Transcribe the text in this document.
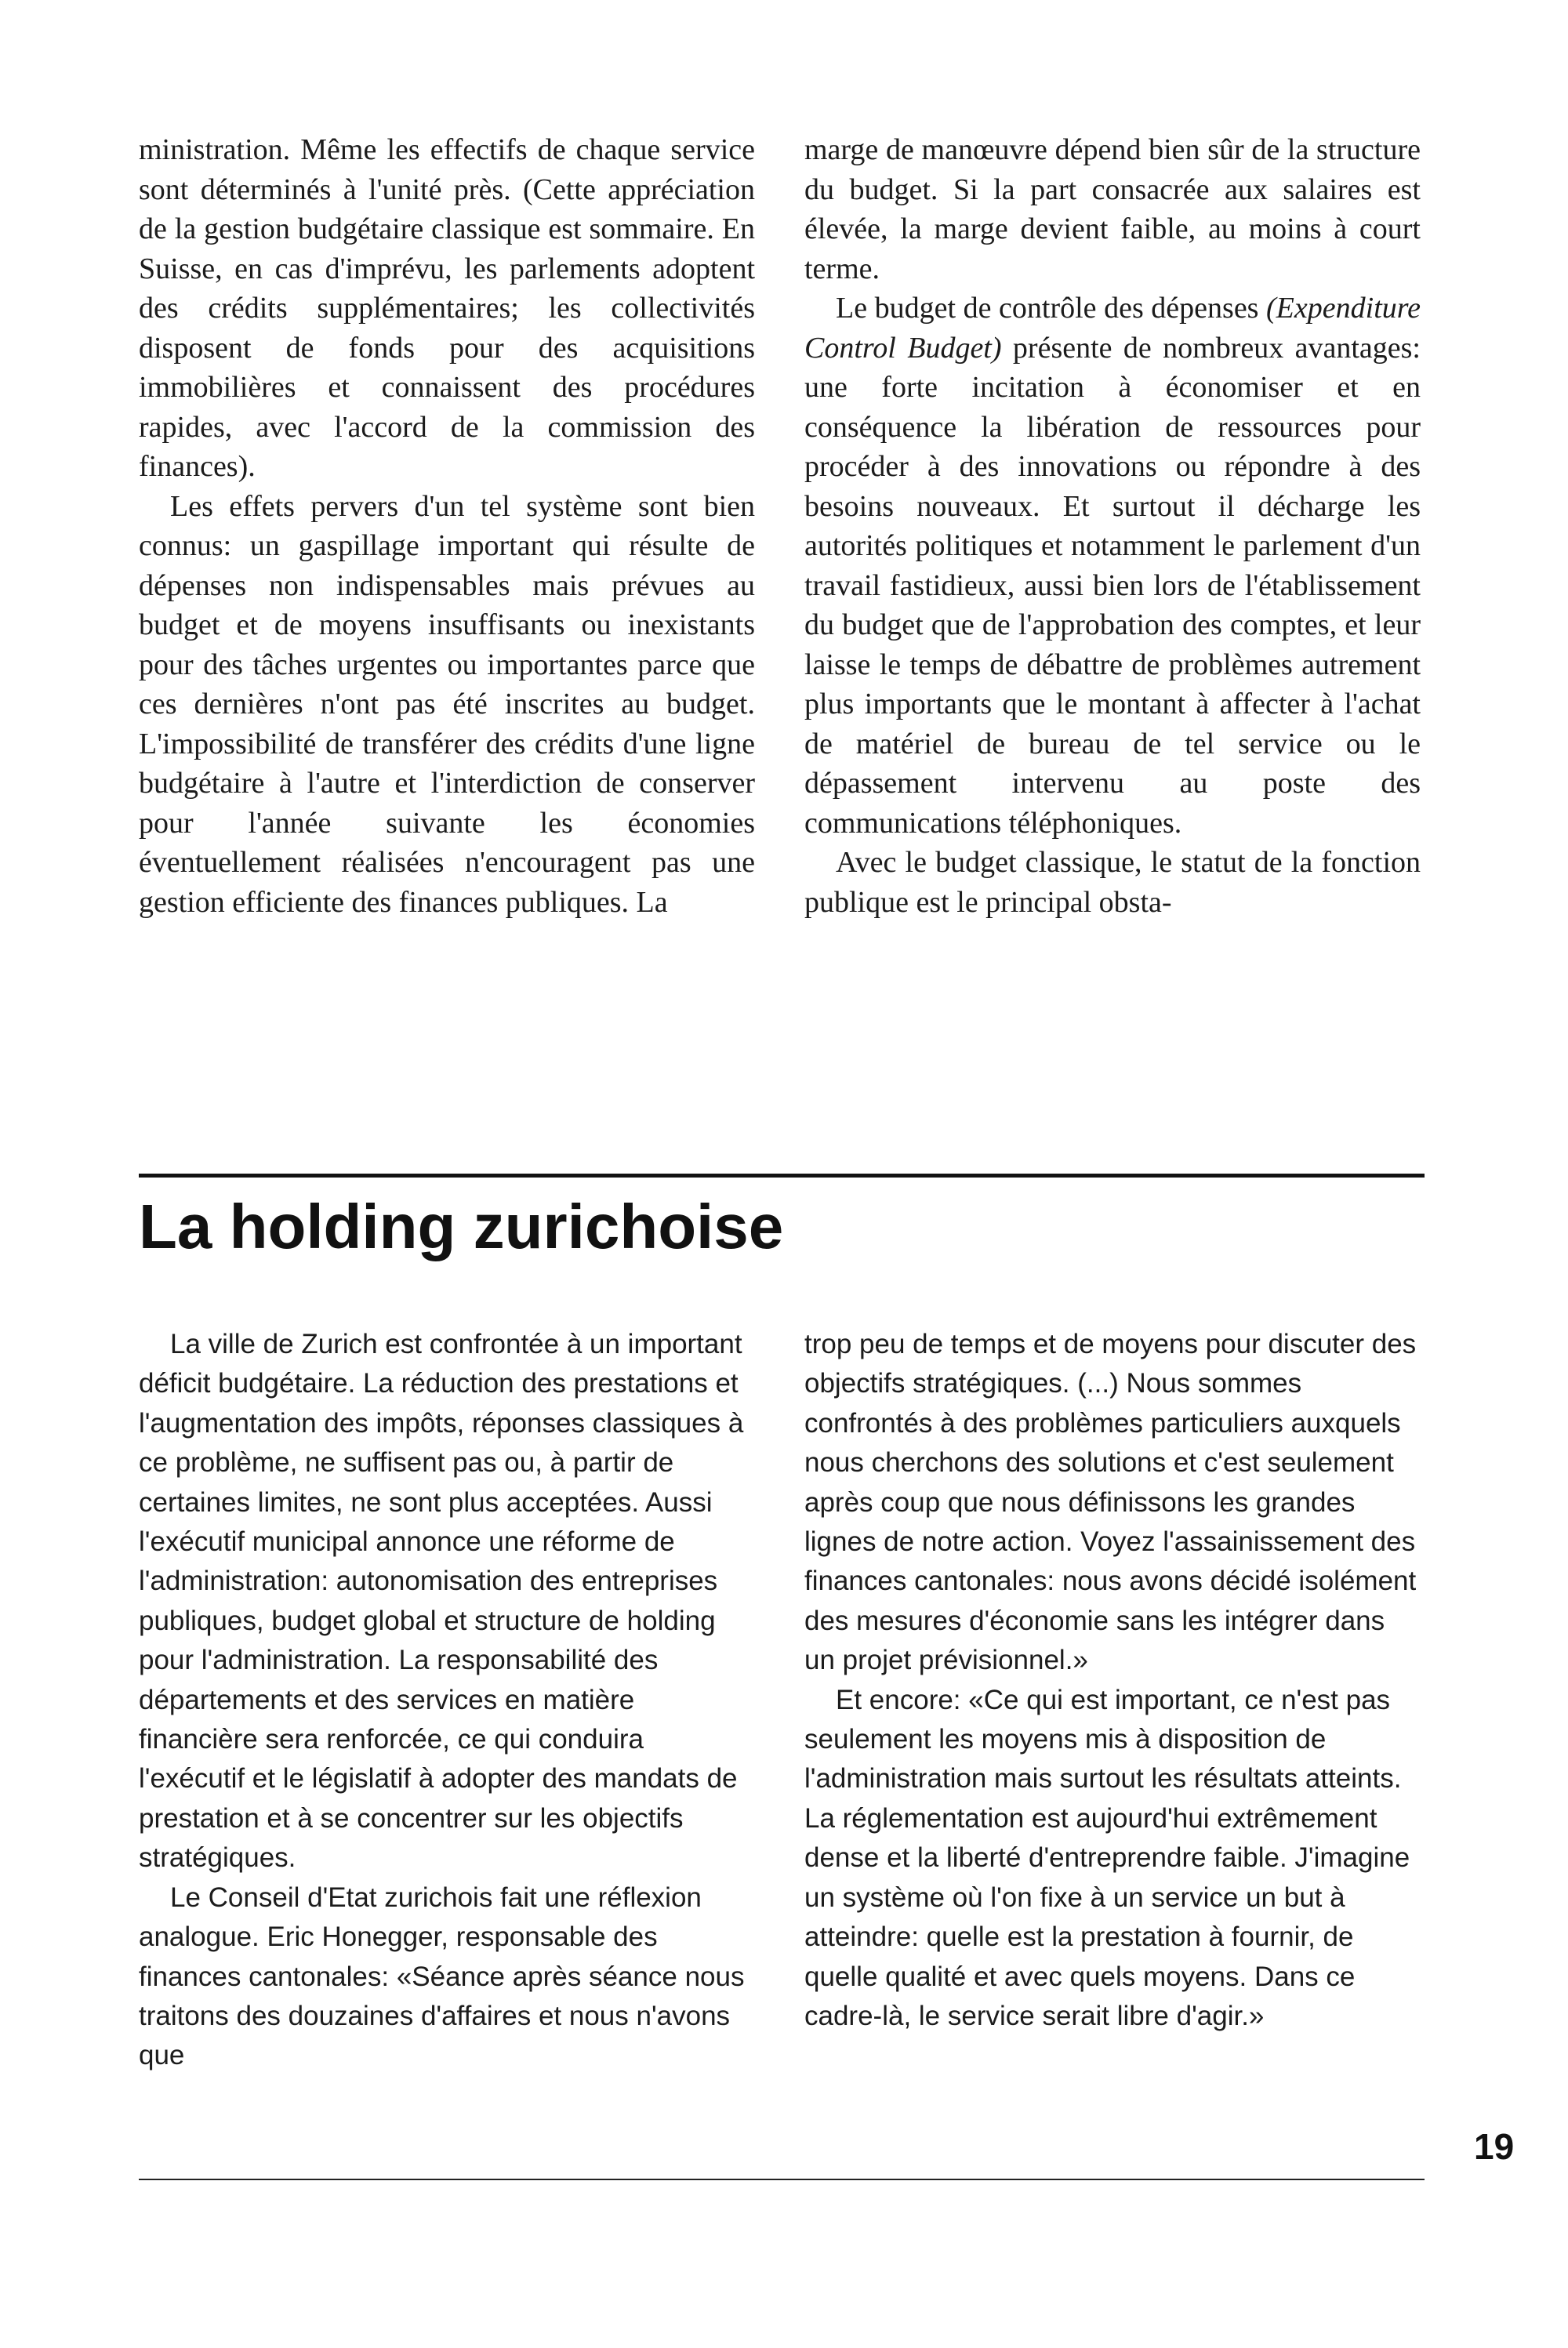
ministration. Même les effectifs de chaque service sont déterminés à l'unité près. (Cette appréciation de la gestion budgétaire classique est sommaire. En Suisse, en cas d'imprévu, les parlements adoptent des crédits supplémentaires; les collectivités disposent de fonds pour des acquisitions immobilières et connaissent des procédures rapides, avec l'accord de la commission des finances).

Les effets pervers d'un tel système sont bien connus: un gaspillage important qui résulte de dépenses non indispensables mais prévues au budget et de moyens insuffisants ou inexistants pour des tâches urgentes ou importantes parce que ces dernières n'ont pas été inscrites au budget. L'impossibilité de transférer des crédits d'une ligne budgétaire à l'autre et l'interdiction de conserver pour l'année suivante les économies éventuellement réalisées n'encouragent pas une gestion efficiente des finances publiques. La

marge de manœuvre dépend bien sûr de la structure du budget. Si la part consacrée aux salaires est élevée, la marge devient faible, au moins à court terme.

Le budget de contrôle des dépenses (Expenditure Control Budget) présente de nombreux avantages: une forte incitation à économiser et en conséquence la libération de ressources pour procéder à des innovations ou répondre à des besoins nouveaux. Et surtout il décharge les autorités politiques et notamment le parlement d'un travail fastidieux, aussi bien lors de l'établissement du budget que de l'approbation des comptes, et leur laisse le temps de débattre de problèmes autrement plus importants que le montant à affecter à l'achat de matériel de bureau de tel service ou le dépassement intervenu au poste des communications téléphoniques.

Avec le budget classique, le statut de la fonction publique est le principal obsta-

La holding zurichoise

La ville de Zurich est confrontée à un important déficit budgétaire. La réduction des prestations et l'augmentation des impôts, réponses classiques à ce problème, ne suffisent pas ou, à partir de certaines limites, ne sont plus acceptées. Aussi l'exécutif municipal annonce une réforme de l'administration: autonomisation des entreprises publiques, budget global et structure de holding pour l'administration. La responsabilité des départements et des services en matière financière sera renforcée, ce qui conduira l'exécutif et le législatif à adopter des mandats de prestation et à se concentrer sur les objectifs stratégiques.

Le Conseil d'Etat zurichois fait une réflexion analogue. Eric Honegger, responsable des finances cantonales: «Séance après séance nous traitons des douzaines d'affaires et nous n'avons que

trop peu de temps et de moyens pour discuter des objectifs stratégiques. (...) Nous sommes confrontés à des problèmes particuliers auxquels nous cherchons des solutions et c'est seulement après coup que nous définissons les grandes lignes de notre action. Voyez l'assainissement des finances cantonales: nous avons décidé isolément des mesures d'économie sans les intégrer dans un projet prévisionnel.»

Et encore: «Ce qui est important, ce n'est pas seulement les moyens mis à disposition de l'administration mais surtout les résultats atteints. La réglementation est aujourd'hui extrêmement dense et la liberté d'entreprendre faible. J'imagine un système où l'on fixe à un service un but à atteindre: quelle est la prestation à fournir, de quelle qualité et avec quels moyens. Dans ce cadre-là, le service serait libre d'agir.»

19
